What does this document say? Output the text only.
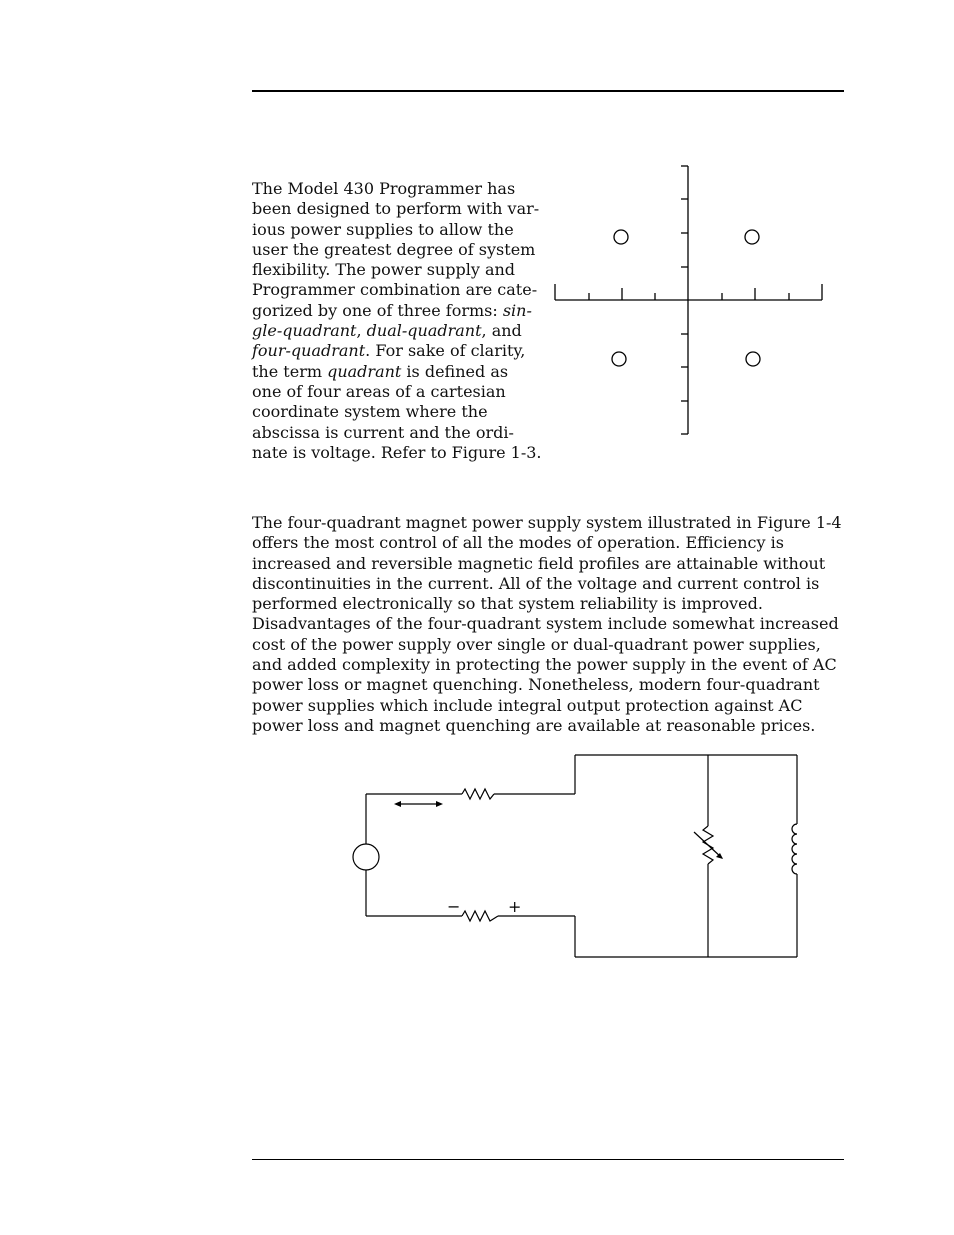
The Model 430 Programmer has been designed to perform with various power supplies to allow the user the greatest degree of system flexibility. The power supply and Programmer combination are categorized by one of three forms: single-quadrant, dual-quadrant, and four-quadrant. For sake of clarity, the term quadrant is defined as one of four areas of a cartesian coordinate system where the abscissa is current and the ordinate is voltage. Refer to Figure 1-3.

The four-quadrant magnet power supply system illustrated in Figure 1-4 offers the most control of all the modes of operation. Efficiency is increased and reversible magnetic field profiles are attainable without discontinuities in the current. All of the voltage and current control is performed electronically so that system reliability is improved. Disadvantages of the four-quadrant system include somewhat increased cost of the power supply over single or dual-quadrant power supplies, and added complexity in protecting the power supply in the event of AC power loss or magnet quenching. Nonetheless, modern four-quadrant power supplies which include integral output protection against AC power loss and magnet quenching are available at reasonable prices.

−	+
